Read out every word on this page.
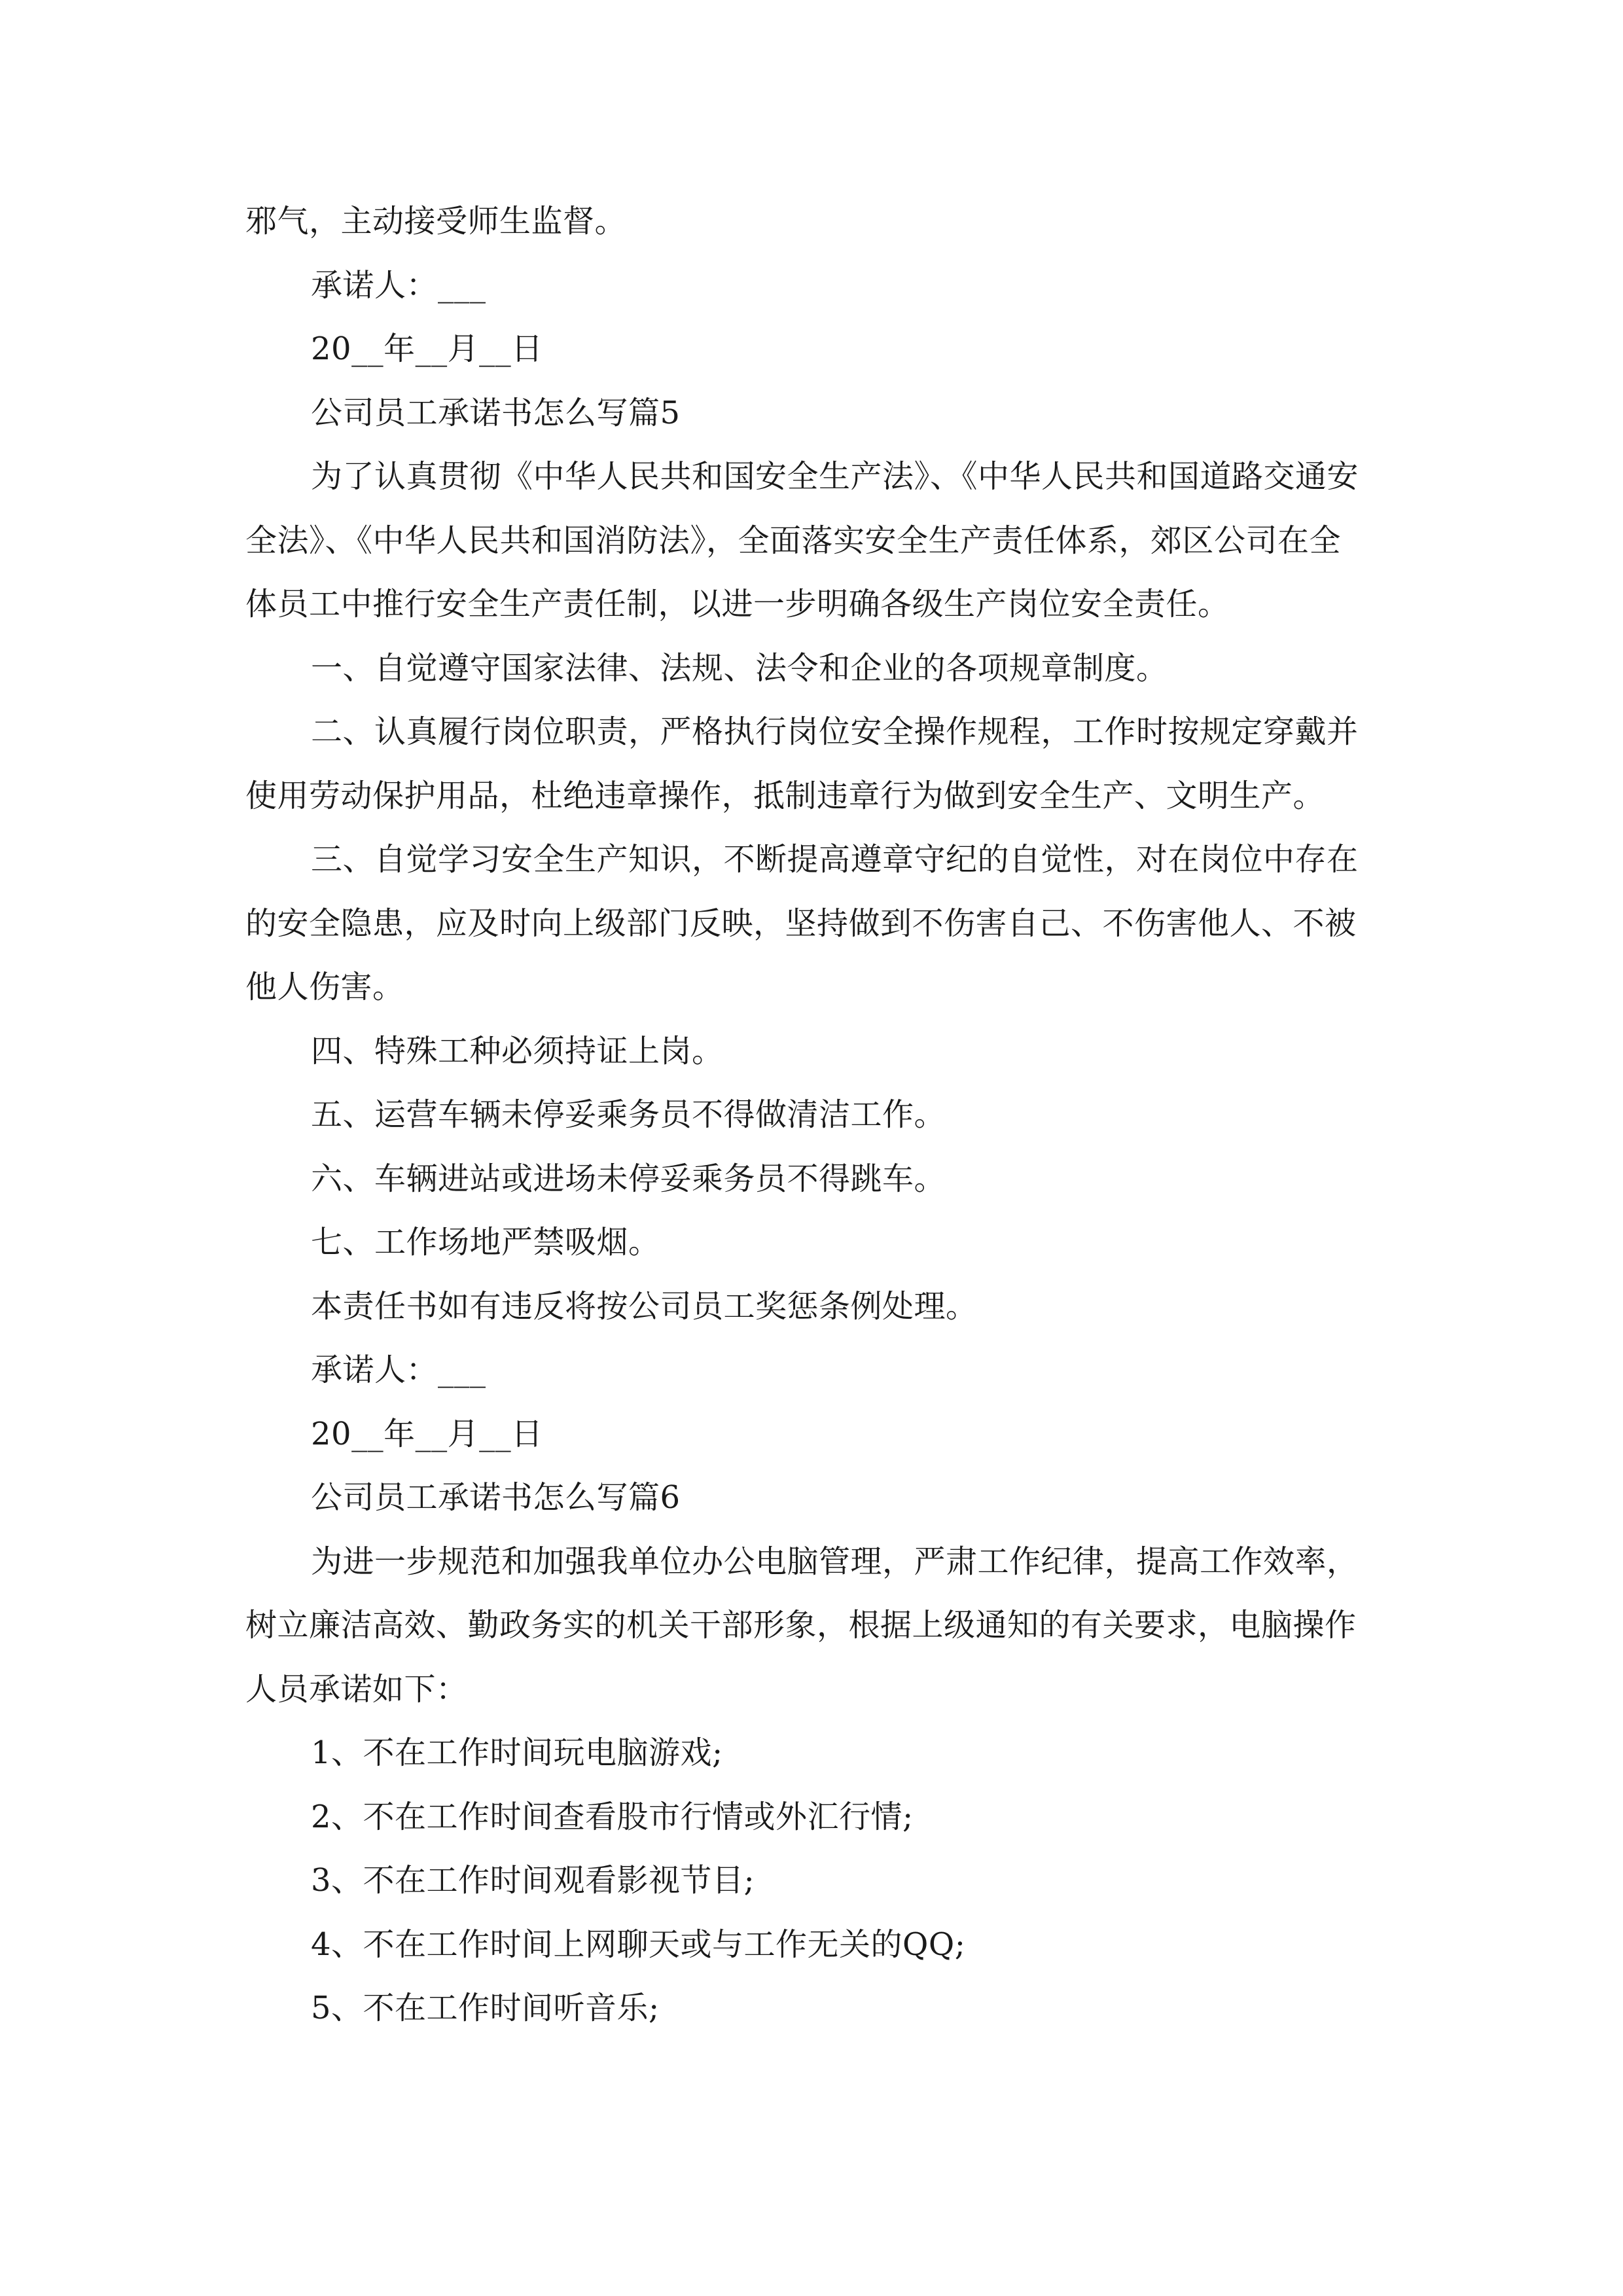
邪气，主动接受师生监督。
承诺人：___
20__年__月__日
公司员工承诺书怎么写篇5
为了认真贯彻《中华人民共和国安全生产法》、《中华人民共和国道路交通安
全法》、《中华人民共和国消防法》，全面落实安全生产责任体系，郊区公司在全
体员工中推行安全生产责任制，以进一步明确各级生产岗位安全责任。
一、自觉遵守国家法律、法规、法令和企业的各项规章制度。
二、认真履行岗位职责，严格执行岗位安全操作规程，工作时按规定穿戴并
使用劳动保护用品，杜绝违章操作，抵制违章行为做到安全生产、文明生产。
三、自觉学习安全生产知识，不断提高遵章守纪的自觉性，对在岗位中存在
的安全隐患，应及时向上级部门反映，坚持做到不伤害自己、不伤害他人、不被
他人伤害。
四、特殊工种必须持证上岗。
五、运营车辆未停妥乘务员不得做清洁工作。
六、车辆进站或进场未停妥乘务员不得跳车。
七、工作场地严禁吸烟。
本责任书如有违反将按公司员工奖惩条例处理。
承诺人：___
20__年__月__日
公司员工承诺书怎么写篇6
为进一步规范和加强我单位办公电脑管理，严肃工作纪律，提高工作效率，
树立廉洁高效、勤政务实的机关干部形象，根据上级通知的有关要求，电脑操作
人员承诺如下：
1、不在工作时间玩电脑游戏;
2、不在工作时间查看股市行情或外汇行情;
3、不在工作时间观看影视节目;
4、不在工作时间上网聊天或与工作无关的QQ;
5、不在工作时间听音乐;
